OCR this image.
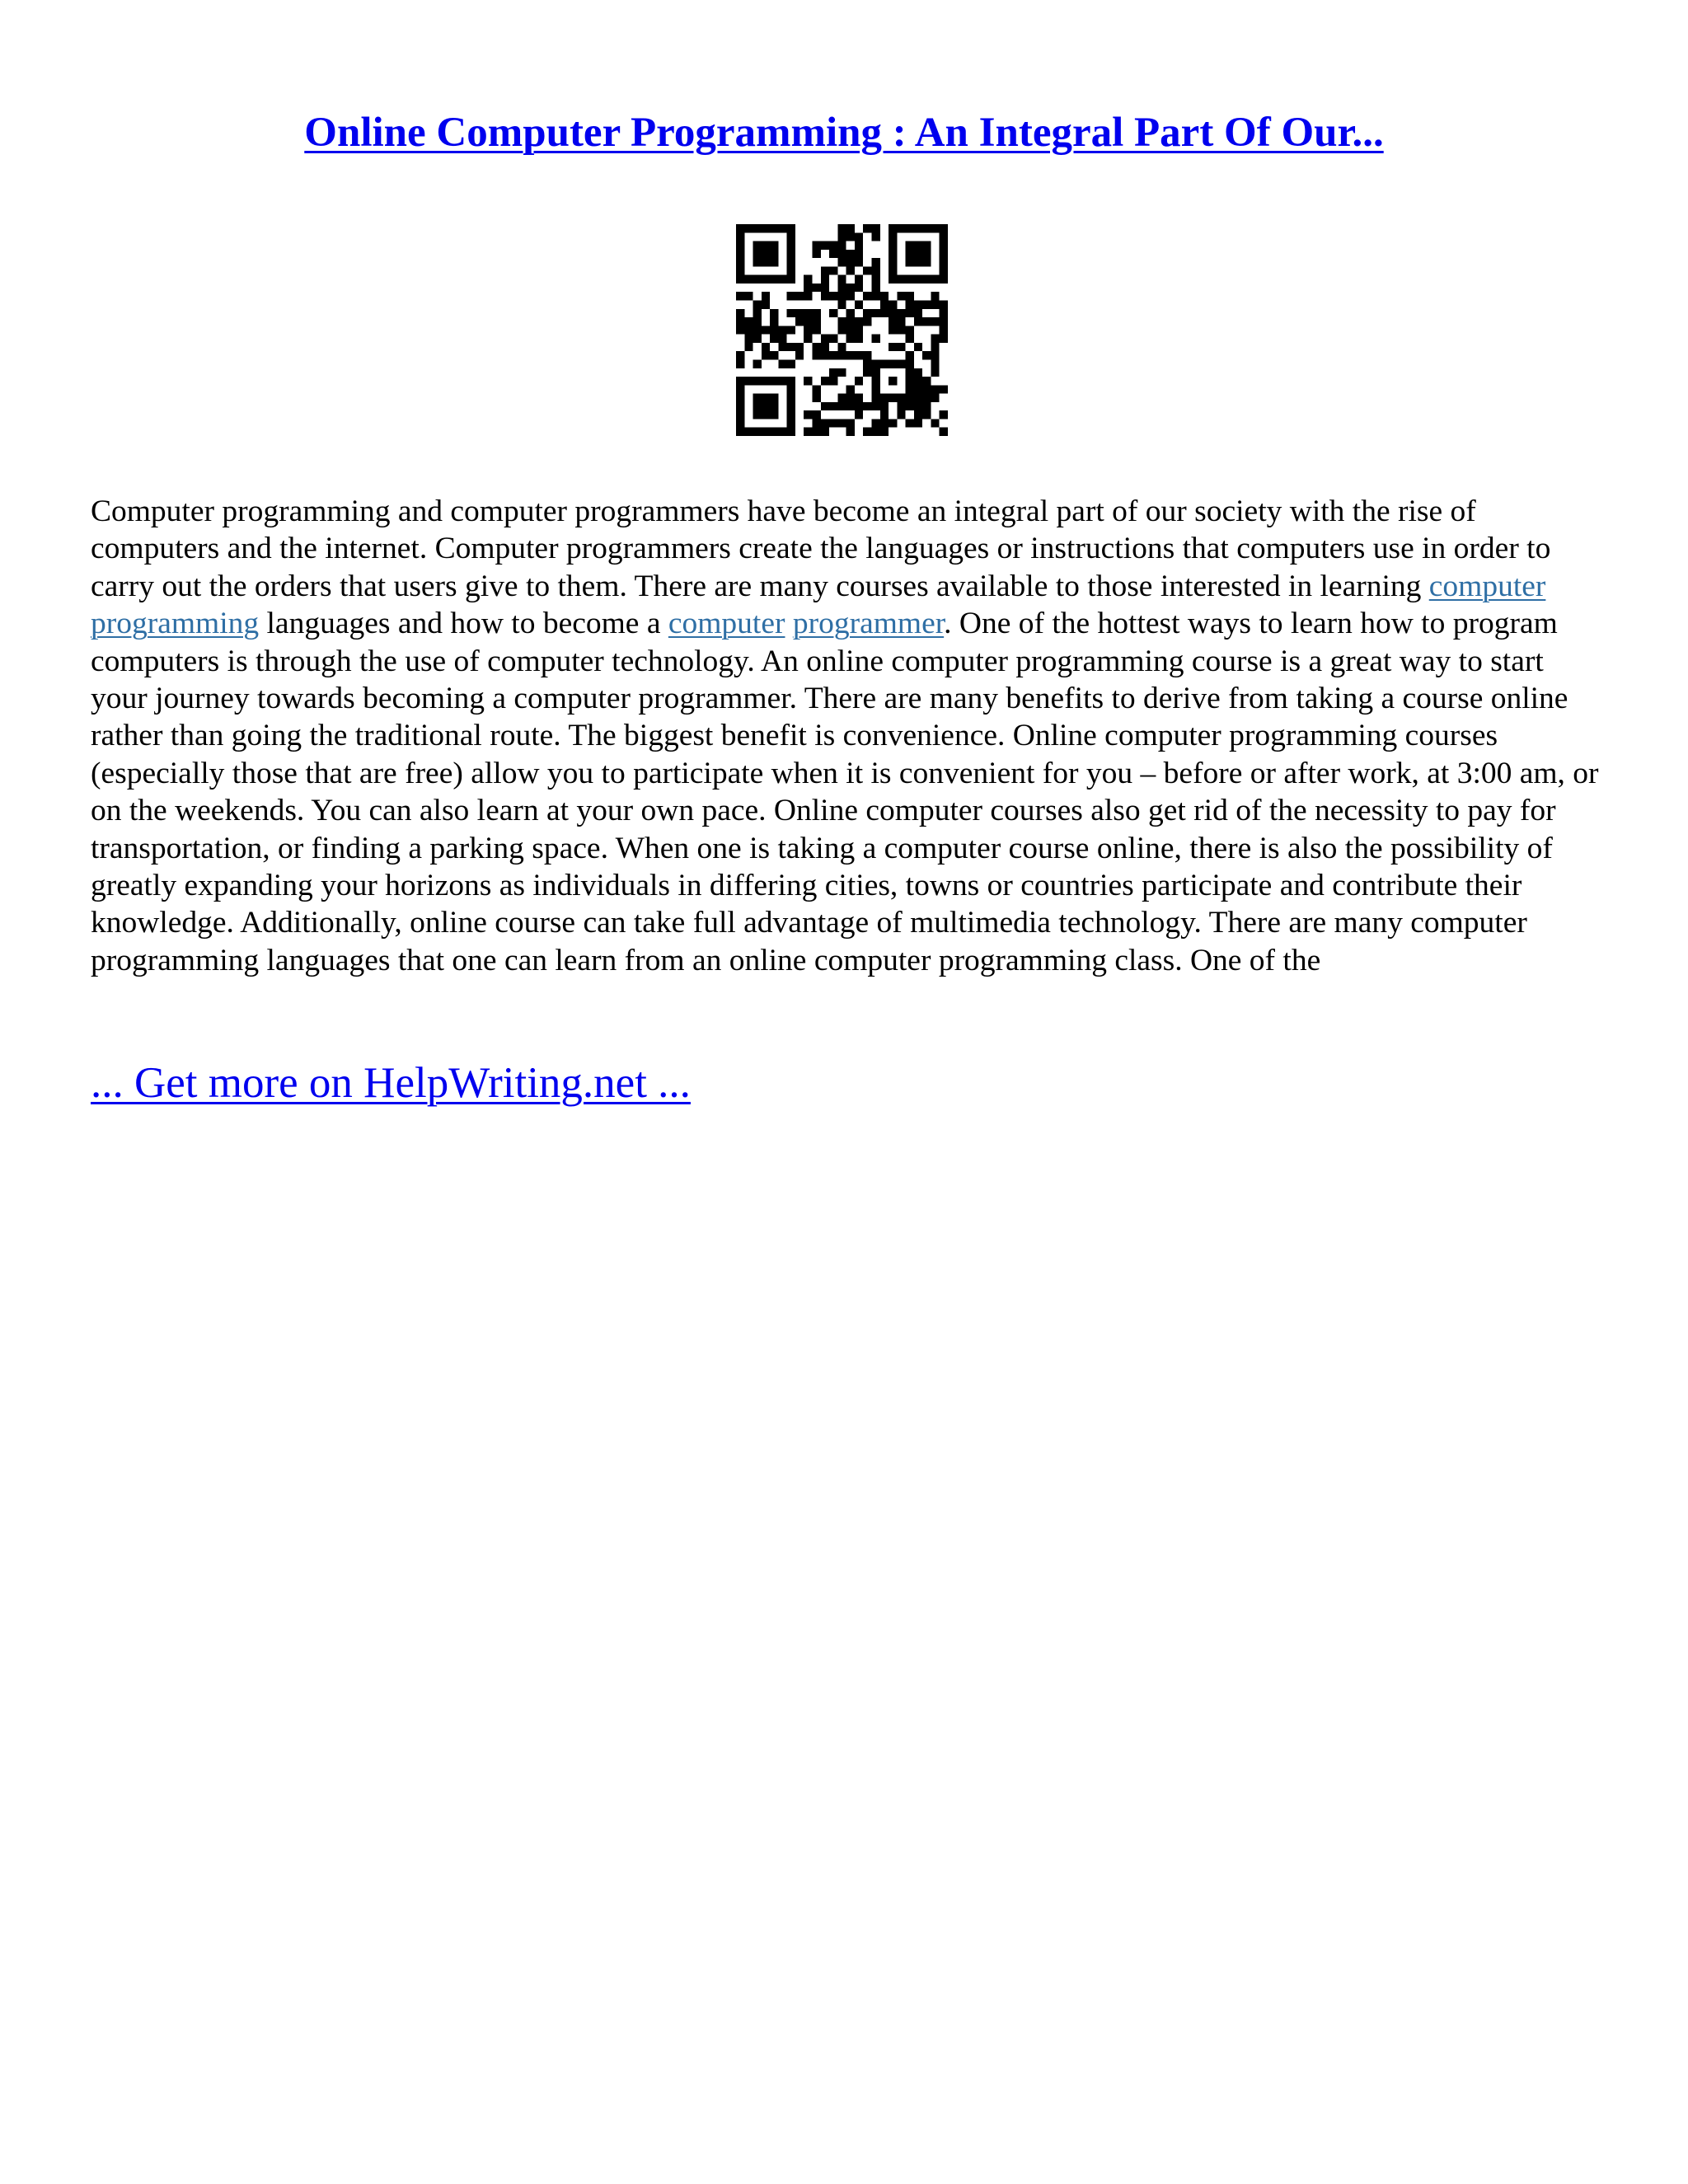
Online Computer Programming : An Integral Part Of Our...

Computer programming and computer programmers have become an integral part of our society with the rise of computers and the internet. Computer programmers create the languages or instructions that computers use in order to carry out the orders that users give to them. There are many courses available to those interested in learning computer programming languages and how to become a computer programmer. One of the hottest ways to learn how to program computers is through the use of computer technology. An online computer programming course is a great way to start your journey towards becoming a computer programmer. There are many benefits to derive from taking a course online rather than going the traditional route. The biggest benefit is convenience. Online computer programming courses (especially those that are free) allow you to participate when it is convenient for you – before or after work, at 3:00 am, or on the weekends. You can also learn at your own pace. Online computer courses also get rid of the necessity to pay for transportation, or finding a parking space. When one is taking a computer course online, there is also the possibility of greatly expanding your horizons as individuals in differing cities, towns or countries participate and contribute their knowledge. Additionally, online course can take full advantage of multimedia technology. There are many computer programming languages that one can learn from an online computer programming class. One of the

... Get more on HelpWriting.net ...
